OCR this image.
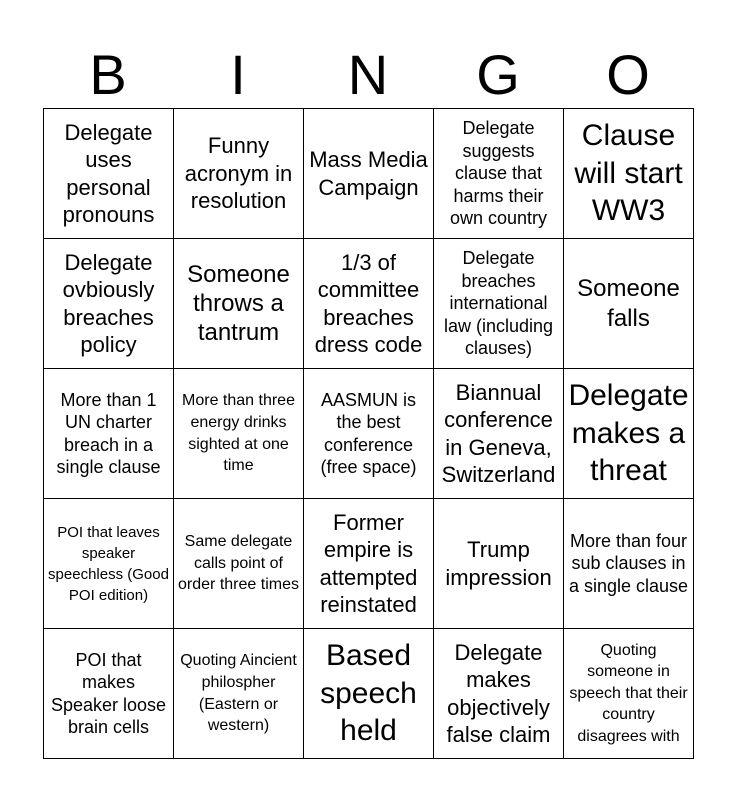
B	I	N	G	O
Delegate uses personal pronouns	Funny acronym in resolution	Mass Media Campaign	Delegate suggests clause that harms their own country	Clause will start WW3
Delegate ovbiously breaches policy	Someone throws a tantrum	1/3 of committee breaches dress code	Delegate breaches international law (including clauses)	Someone falls
More than 1 UN charter breach in a single clause	More than three energy drinks sighted at one time	AASMUN is the best conference (free space)	Biannual conference in Geneva, Switzerland	Delegate makes a threat
POI that leaves speaker speechless (Good POI edition)	Same delegate calls point of order three times	Former empire is attempted reinstated	Trump impression	More than four sub clauses in a single clause
POI that makes Speaker loose brain cells	Quoting Aincient philospher (Eastern or western)	Based speech held	Delegate makes objectively false claim	Quoting someone in speech that their country disagrees with
